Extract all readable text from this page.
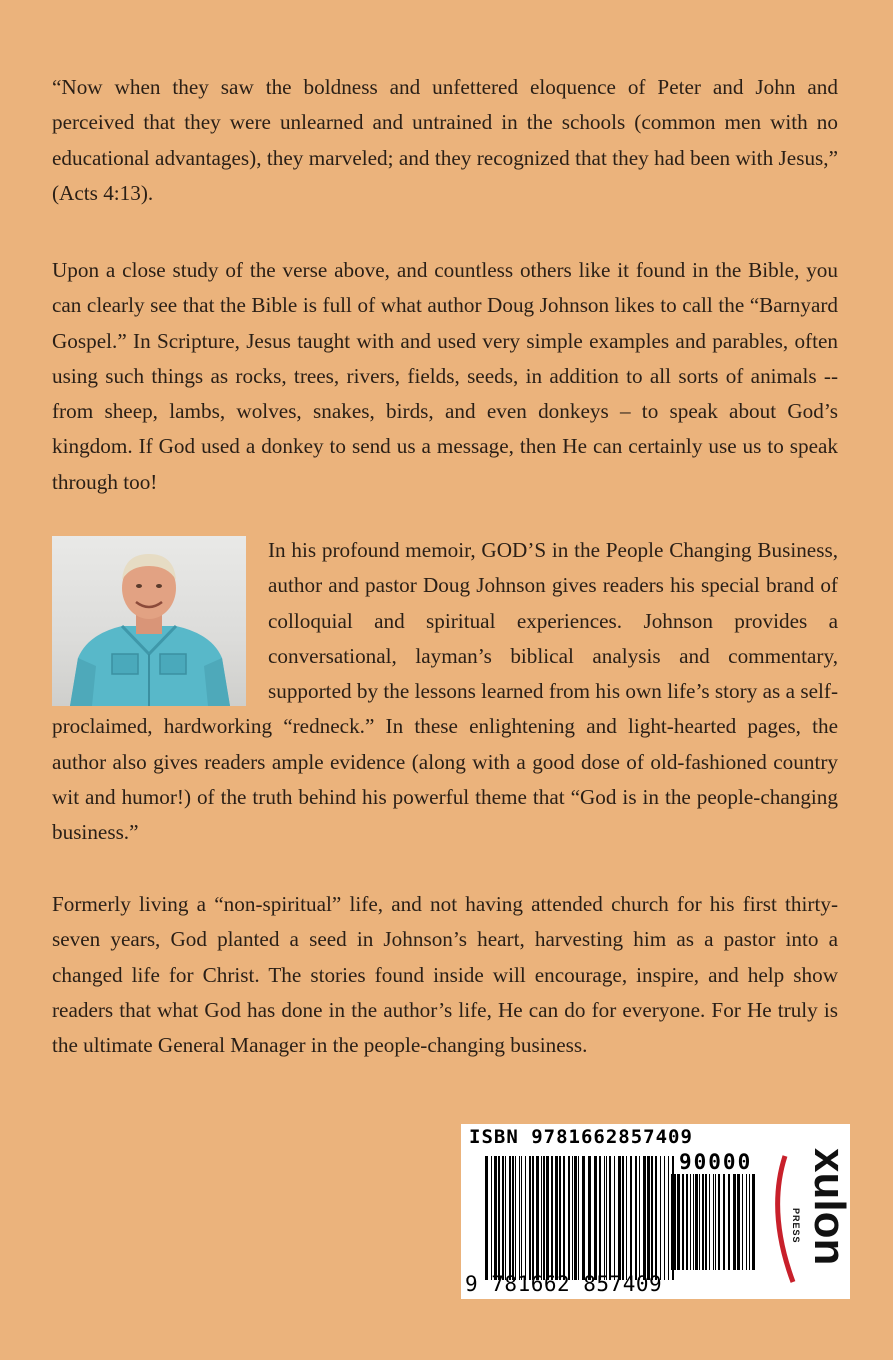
“Now when they saw the boldness and unfettered eloquence of Peter and John and perceived that they were unlearned and untrained in the schools (common men with no educational advantages), they marveled; and they recognized that they had been with Jesus,” (Acts 4:13).

Upon a close study of the verse above, and countless others like it found in the Bible, you can clearly see that the Bible is full of what author Doug Johnson likes to call the “Barnyard Gospel.” In Scripture, Jesus taught with and used very simple examples and parables, often using such things as rocks, trees, rivers, fields, seeds, in addition to all sorts of animals -- from sheep, lambs, wolves, snakes, birds, and even donkeys – to speak about God’s kingdom. If God used a donkey to send us a message, then He can certainly use us to speak through too!

In his profound memoir, GOD’S in the People Changing Business, author and pastor Doug Johnson gives readers his special brand of colloquial and spiritual experiences. Johnson provides a conversational, layman’s biblical analysis and commentary, supported by the lessons learned from his own life’s story as a self-proclaimed, hardworking “redneck.” In these enlightening and light-hearted pages, the author also gives readers ample evidence (along with a good dose of old-fashioned country wit and humor!) of the truth behind his powerful theme that “God is in the people-changing business.”

Formerly living a “non-spiritual” life, and not having attended church for his first thirty-seven years, God planted a seed in Johnson’s heart, harvesting him as a pastor into a changed life for Christ. The stories found inside will encourage, inspire, and help show readers that what God has done in the author’s life, He can do for everyone. For He truly is the ultimate General Manager in the people-changing business.

ISBN 9781662857409
90000
9 781662 857409
xulon
PRESS
